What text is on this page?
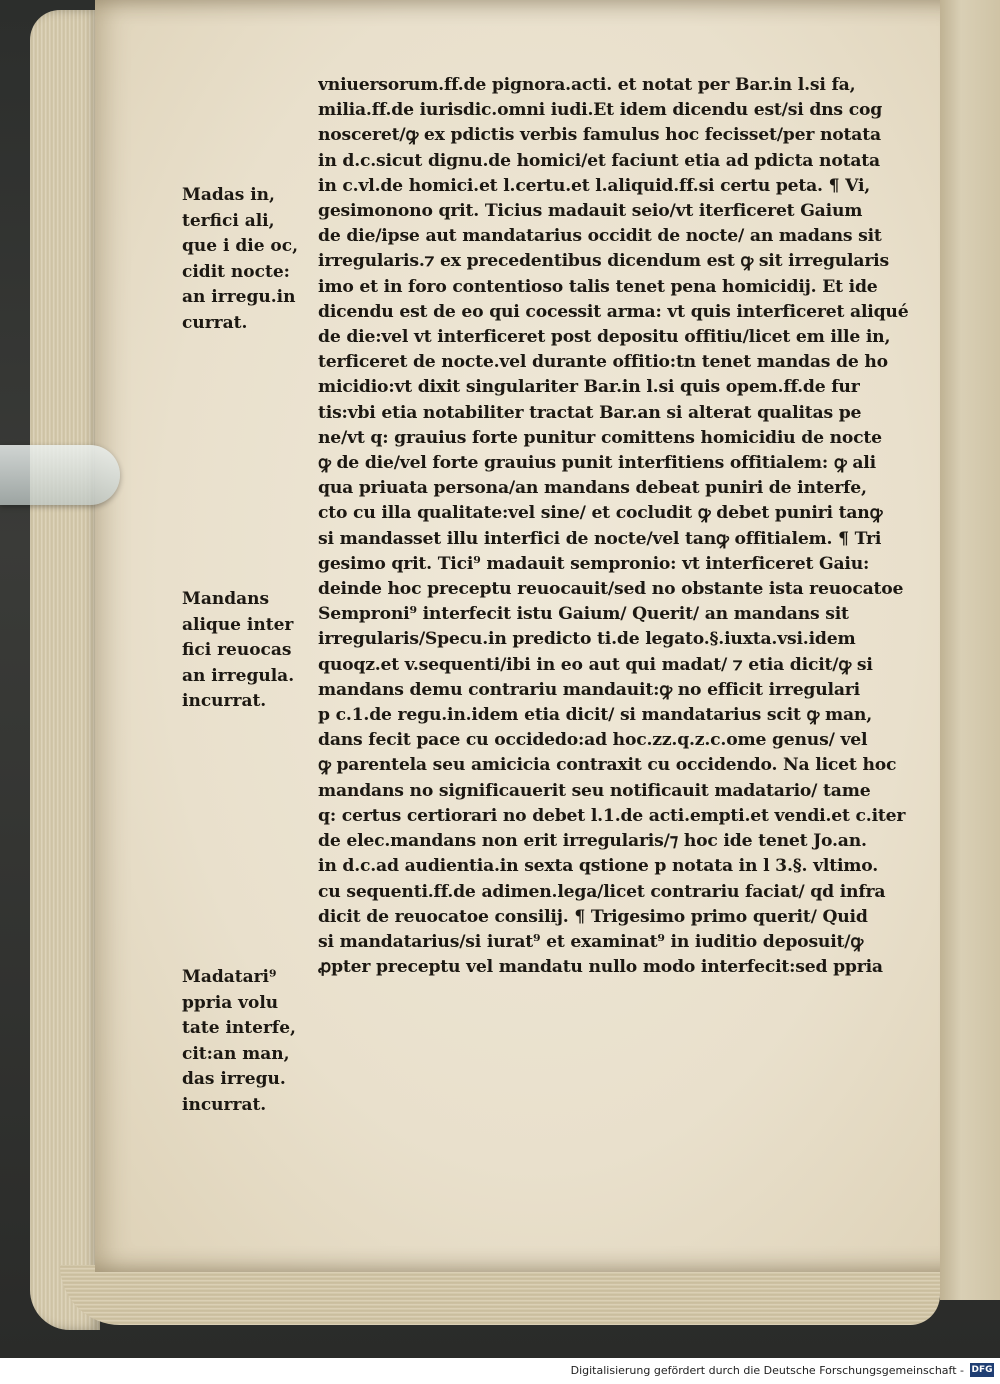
vniuersorum.ff.de pignora.acti. et notat per Bar.in l.si fa,
milia.ff.de iurisdic.omni iudi.Et idem dicendu est/si dns cog
nosceret/ꝙ ex pdictis verbis famulus hoc fecisset/per notata
in d.c.sicut dignu.de homici/et faciunt etia ad pdicta notata
in c.vl.de homici.et l.certu.et l.aliquid.ff.si certu peta. ¶ Vi,
gesimonono qrit. Ticius madauit seio/vt iterficeret Gaium
de die/ipse aut mandatarius occidit de nocte/ an madans sit
irregularis.⁊ ex precedentibus dicendum est ꝙ sit irregularis
imo et in foro contentioso talis tenet pena homicidij. Et ide
dicendu est de eo qui cocessit arma: vt quis interficeret aliqué
de die:vel vt interficeret post depositu offitiu/licet em ille in,
terficeret de nocte.vel durante offitio:tn tenet mandas de ho
micidio:vt dixit singulariter Bar.in l.si quis opem.ff.de fur
tis:vbi etia notabiliter tractat Bar.an si alterat qualitas pe
ne/vt q: grauius forte punitur comittens homicidiu de nocte
ꝙ de die/vel forte grauius punit interfitiens offitialem: ꝙ ali
qua priuata persona/an mandans debeat puniri de interfe,
cto cu illa qualitate:vel sine/ et cocludit ꝙ debet puniri tanꝙ
si mandasset illu interfici de nocte/vel tanꝙ offitialem. ¶ Tri
gesimo qrit. Tici⁹ madauit sempronio: vt interficeret Gaiu:
deinde hoc preceptu reuocauit/sed no obstante ista reuocatoe
Semproni⁹ interfecit istu Gaium/ Querit/ an mandans sit
irregularis/Specu.in predicto ti.de legato.§.iuxta.vsi.idem
quoqz.et v.sequenti/ibi in eo aut qui madat/ ⁊ etia dicit/ꝙ si
mandans demu contrariu mandauit:ꝙ no efficit irregulari
p c.1.de regu.in.idem etia dicit/ si mandatarius scit ꝙ man,
dans fecit pace cu occidedo:ad hoc.zz.q.z.c.ome genus/ vel
ꝙ parentela seu amicicia contraxit cu occidendo. Na licet hoc
mandans no significauerit seu notificauit madatario/ tame
q: certus certiorari no debet l.1.de acti.empti.et vendi.et c.iter
de elec.mandans non erit irregularis/⁊ hoc ide tenet Jo.an.
in d.c.ad audientia.in sexta qstione p notata in l 3.§. vltimo.
cu sequenti.ff.de adimen.lega/licet contrariu faciat/ qd infra
dicit de reuocatoe consilij. ¶ Trigesimo primo querit/ Quid
si mandatarius/si iurat⁹ et examinat⁹ in iuditio deposuit/ꝙ
ꝓpter preceptu vel mandatu nullo modo interfecit:sed ppria
Madas in,
terfici ali,
que i die oc,
cidit nocte:
an irregu.in
currat.
Mandans
alique inter
fici reuocas
an irregula.
incurrat.
Madatari⁹
ppria volu
tate interfe,
cit:an man,
das irregu.
incurrat.
Digitalisierung gefördert durch die Deutsche Forschungsgemeinschaft - DFG
